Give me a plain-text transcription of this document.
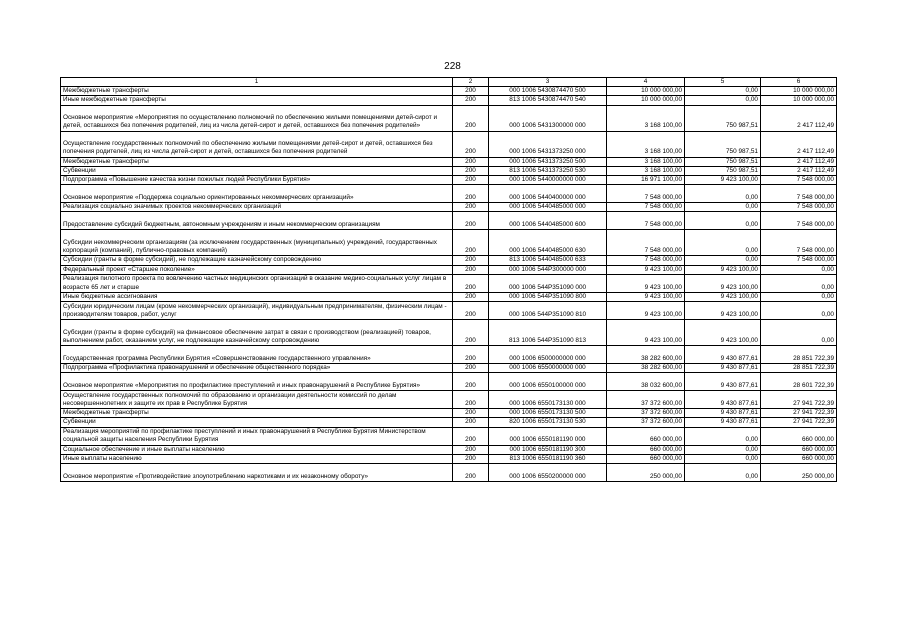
228
1	2	3	4	5	6
Межбюджетные трансферты	200	000 1006 5430874470 500	10 000 000,00	0,00	10 000 000,00
Иные межбюджетные трансферты	200	813 1006 5430874470 540	10 000 000,00	0,00	10 000 000,00
Основное мероприятие «Мероприятия по осуществлению полномочий по обеспечению жилыми помещениями детей-сирот и детей, оставшихся без попечения родителей, лиц из числа детей-сирот и детей, оставшихся без попечения родителей»	200	000 1006 5431300000 000	3 168 100,00	750 987,51	2 417 112,49
Осуществление государственных полномочий по обеспечению жилыми помещениями детей-сирот и детей, оставшихся без попечения родителей, лиц из числа детей-сирот и детей, оставшихся без попечения родителей	200	000 1006 5431373250 000	3 168 100,00	750 987,51	2 417 112,49
Межбюджетные трансферты	200	000 1006 5431373250 500	3 168 100,00	750 987,51	2 417 112,49
Субвенции	200	813 1006 5431373250 530	3 168 100,00	750 987,51	2 417 112,49
Подпрограмма «Повышение качества жизни пожилых людей Республики Бурятия»	200	000 1006 5440000000 000	16 971 100,00	9 423 100,00	7 548 000,00
Основное мероприятие «Поддержка социально ориентированных некоммерческих организаций»	200	000 1006 5440400000 000	7 548 000,00	0,00	7 548 000,00
Реализация социально значимых проектов некоммерческих организаций	200	000 1006 5440485000 000	7 548 000,00	0,00	7 548 000,00
Предоставление субсидий бюджетным, автономным учреждениям и иным некоммерческим организациям	200	000 1006 5440485000 600	7 548 000,00	0,00	7 548 000,00
Субсидии некоммерческим организациям (за исключением государственных (муниципальных) учреждений, государственных корпораций (компаний), публично-правовых компаний)	200	000 1006 5440485000 630	7 548 000,00	0,00	7 548 000,00
Субсидии (гранты в форме субсидий), не подлежащие казначейскому сопровождению	200	813 1006 5440485000 633	7 548 000,00	0,00	7 548 000,00
Федеральный проект «Старшее поколение»	200	000 1006 544P300000 000	9 423 100,00	9 423 100,00	0,00
Реализация пилотного проекта по вовлечению частных медицинских организаций в оказание медико-социальных услуг лицам в возрасте 65 лет и старше	200	000 1006 544P351090 000	9 423 100,00	9 423 100,00	0,00
Иные бюджетные ассигнования	200	000 1006 544P351090 800	9 423 100,00	9 423 100,00	0,00
Субсидии юридическим лицам (кроме некоммерческих организаций), индивидуальным предпринимателям, физическим лицам - производителям товаров, работ, услуг	200	000 1006 544P351090 810	9 423 100,00	9 423 100,00	0,00
Субсидии (гранты в форме субсидий) на финансовое обеспечение затрат в связи с производством (реализацией) товаров, выполнением работ, оказанием услуг, не подлежащие казначейскому сопровождению	200	813 1006 544P351090 813	9 423 100,00	9 423 100,00	0,00
Государственная программа Республики Бурятия «Совершенствование государственного управления»	200	000 1006 6500000000 000	38 282 600,00	9 430 877,61	28 851 722,39
Подпрограмма «Профилактика правонарушений и обеспечение общественного порядка»	200	000 1006 6550000000 000	38 282 600,00	9 430 877,61	28 851 722,39
Основное мероприятие «Мероприятия по профилактике преступлений и иных правонарушений в Республике Бурятия»	200	000 1006 6550100000 000	38 032 600,00	9 430 877,61	28 601 722,39
Осуществление государственных полномочий по образованию и организации деятельности комиссий по делам несовершеннолетних и защите их прав в Республике Бурятия	200	000 1006 6550173130 000	37 372 600,00	9 430 877,61	27 941 722,39
Межбюджетные трансферты	200	000 1006 6550173130 500	37 372 600,00	9 430 877,61	27 941 722,39
Субвенции	200	820 1006 6550173130 530	37 372 600,00	9 430 877,61	27 941 722,39
Реализация мероприятий по профилактике преступлений и иных правонарушений в Республике Бурятия Министерством социальной защиты населения Республики Бурятия	200	000 1006 6550181190 000	660 000,00	0,00	660 000,00
Социальное обеспечение и иные выплаты населению	200	000 1006 6550181190 300	660 000,00	0,00	660 000,00
Иные выплаты населению	200	813 1006 6550181190 360	660 000,00	0,00	660 000,00
Основное мероприятие «Противодействие злоупотреблению наркотиками и их незаконному обороту»	200	000 1006 6550200000 000	250 000,00	0,00	250 000,00
